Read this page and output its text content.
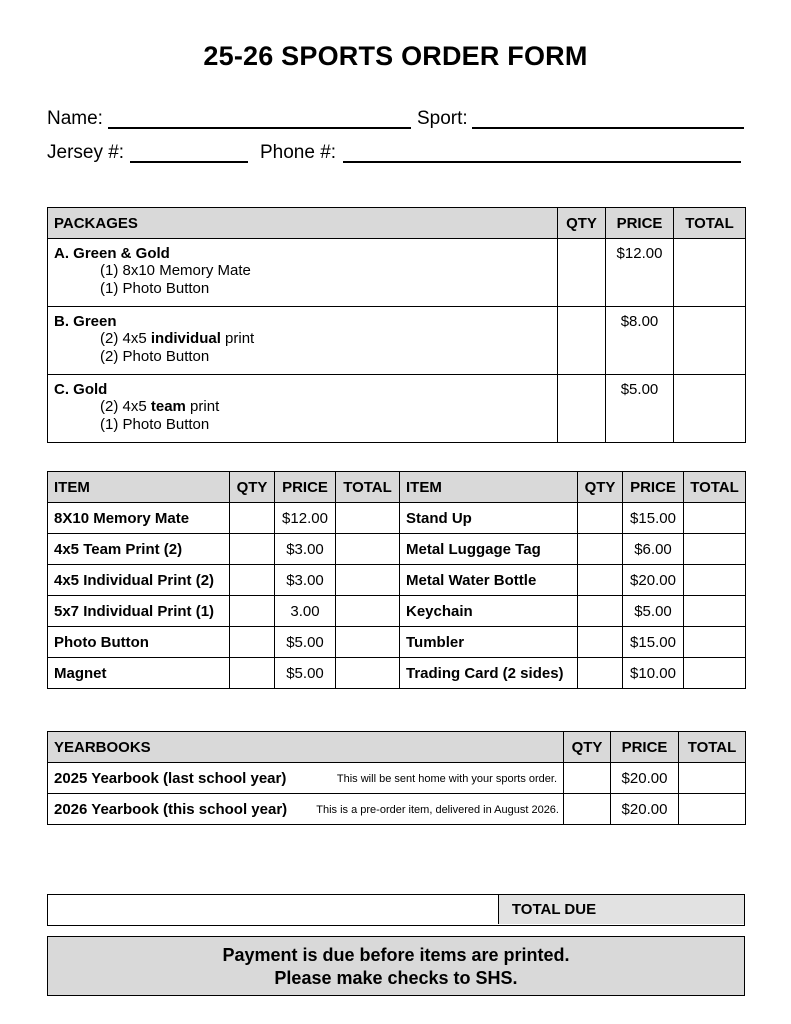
25-26 SPORTS ORDER FORM
Name:	Sport:
Jersey #:	Phone #:
PACKAGES	QTY	PRICE	TOTAL

A. Green & Gold
(1) 8x10 Memory Mate
(1) Photo Button		$12.00	

B. Green
(2) 4x5 individual print
(2) Photo Button		$8.00	

C. Gold
(2) 4x5 team print
(1) Photo Button		$5.00	
ITEM	QTY	PRICE	TOTAL	ITEM	QTY	PRICE	TOTAL
8X10 Memory Mate		$12.00		Stand Up		$15.00	
4x5 Team Print (2)		$3.00		Metal Luggage Tag		$6.00	
4x5 Individual Print (2)		$3.00		Metal Water Bottle		$20.00	
5x7 Individual Print (1)		3.00		Keychain		$5.00	
Photo Button		$5.00		Tumbler		$15.00	
Magnet		$5.00		Trading Card (2 sides)		$10.00	
YEARBOOKS	QTY	PRICE	TOTAL
2025 Yearbook (last school year) This will be sent home with your sports order.		$20.00	
2026 Yearbook (this school year) This is a pre-order item, delivered in August 2026.		$20.00	
TOTAL DUE
Payment is due before items are printed.
Please make checks to SHS.
